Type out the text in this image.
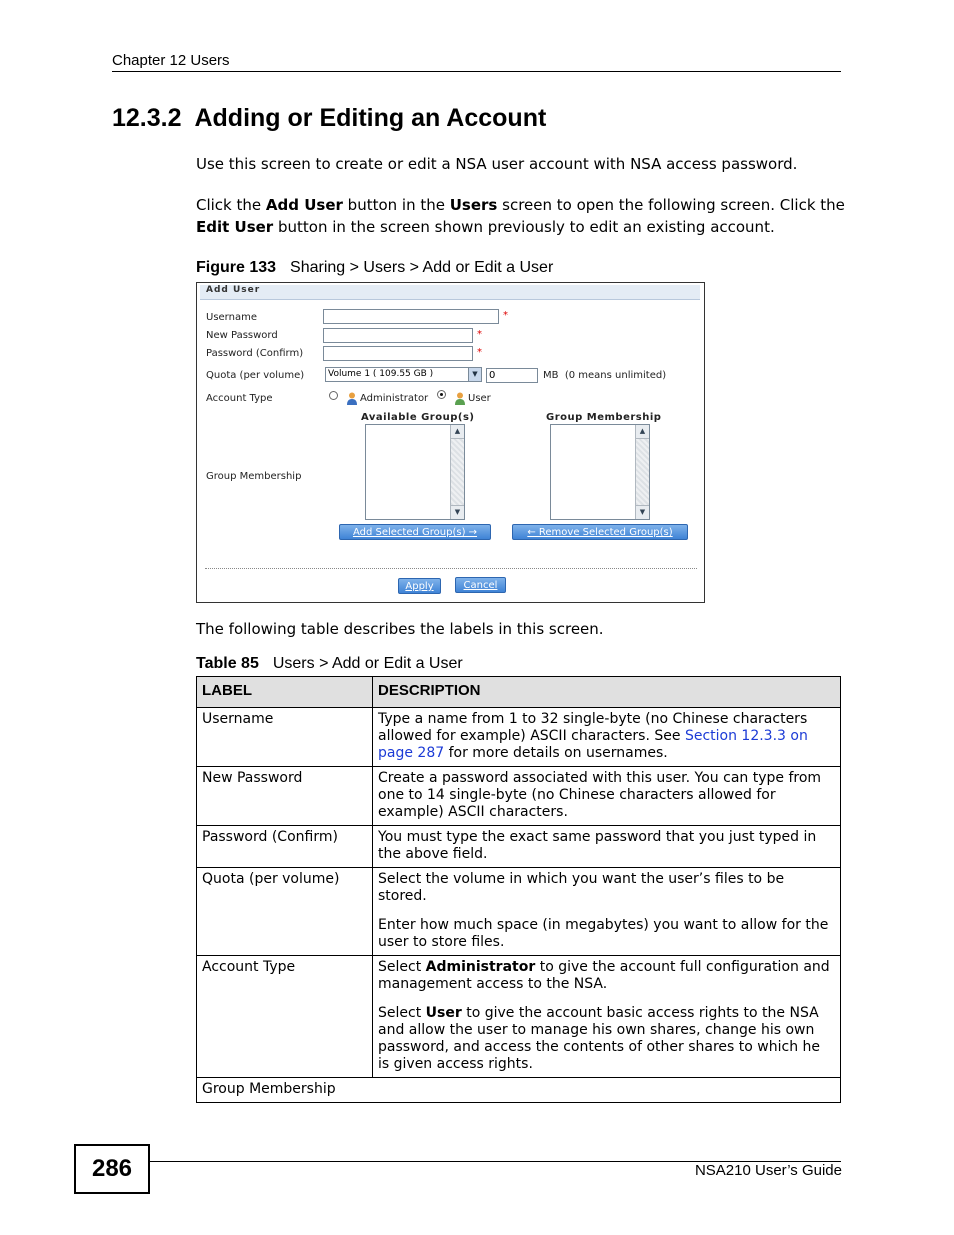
Chapter 12 Users
12.3.2  Adding or Editing an Account
Use this screen to create or edit a NSA user account with NSA access password.
Click the Add User button in the Users screen to open the following screen. Click the Edit User button in the screen shown previously to edit an existing account.
Figure 133 Sharing > Users > Add or Edit a User
Add User
Username	*
New Password	*
Password (Confirm)	*
Quota (per volume)	Volume 1 ( 109.55 GB )	▼	0	MB  (0 means unlimited)
Account Type	Administrator	User
Available Group(s)	Group Membership
Group Membership
▲
▼
▲
▼
Add Selected Group(s) →	← Remove Selected Group(s)
Apply	Cancel
The following table describes the labels in this screen.
Table 85 Users > Add or Edit a User
LABEL	DESCRIPTION
Username	Type a name from 1 to 32 single-byte (no Chinese characters allowed for example) ASCII characters. See Section 12.3.3 on page 287 for more details on usernames.
New Password	Create a password associated with this user. You can type from one to 14 single-byte (no Chinese characters allowed for example) ASCII characters.
Password (Confirm)	You must type the exact same password that you just typed in the above field.
Quota (per volume)	Select the volume in which you want the user’s files to be stored.

Enter how much space (in megabytes) you want to allow for the user to store files.

Account Type	Select Administrator to give the account full configuration and management access to the NSA.

Select User to give the account basic access rights to the NSA and allow the user to manage his own shares, change his own password, and access the contents of other shares to which he is given access rights.

Group Membership	
286	NSA210 User’s Guide
